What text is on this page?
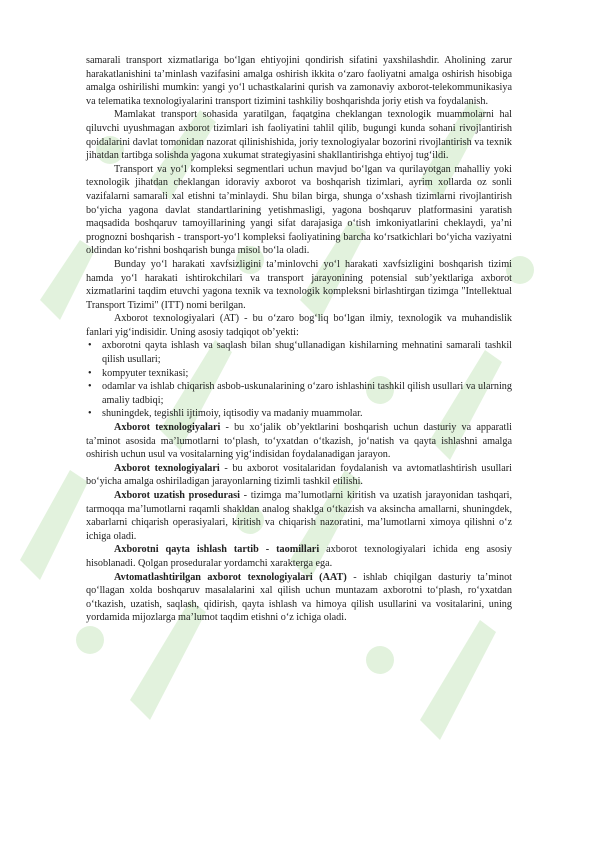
samarali transport xizmatlariga bo‘lgan ehtiyojini qondirish sifatini yaxshilashdir. Aholining zarur harakatlanishini ta’minlash vazifasini amalga oshirish ikkita o‘zaro faoliyatni amalga oshirish hisobiga amalga oshirilishi mumkin: yangi yo‘l uchastkalarini qurish va zamonaviy axborot-telekommunikasiya va telematika texnologiyalarini transport tizimini tashkiliy boshqarishda joriy etish va foydalanish.

Mamlakat transport sohasida yaratilgan, faqatgina cheklangan texnologik muammolarni hal qiluvchi uyushmagan axborot tizimlari ish faoliyatini tahlil qilib, bugungi kunda sohani rivojlantirish qoidalarini davlat tomonidan nazorat qilinishishida, joriy texnologiyalar bozorini rivojlantirish va texnik jihatdan tartibga solishda yagona xukumat strategiyasini shakllantirishga ehtiyoj tug‘ildi.

Transport va yo‘l kompleksi segmentlari uchun mavjud bo‘lgan va qurilayotgan mahalliy yoki texnologik jihatdan cheklangan idoraviy axborot va boshqarish tizimlari, ayrim xollarda oz sonli vazifalarni samarali xal etishni ta’minlaydi. Shu bilan birga, shunga o‘xshash tizimlarni rivojlantirish bo‘yicha yagona davlat standartlarining yetishmasligi, yagona boshqaruv platformasini yaratish maqsadida boshqaruv tamoyillarining yangi sifat darajasiga o‘tish imkoniyatlarini cheklaydi, ya’ni prognozni boshqarish - transport-yo‘l kompleksi faoliyatining barcha ko‘rsatkichlari bo‘yicha vaziyatni oldindan ko‘rishni boshqarish bunga misol bo‘la oladi.

Bunday yo‘l harakati xavfsizligini ta’minlovchi yo‘l harakati xavfsizligini boshqarish tizimi hamda yo‘l harakati ishtirokchilari va transport jarayonining potensial sub’yektlariga axborot xizmatlarini taqdim etuvchi yagona texnik va texnologik kompleksni birlashtirgan tizimga "Intellektual Transport Tizimi" (ITT) nomi berilgan.

Axborot texnologiyalari (AT) - bu o‘zaro bog‘liq bo‘lgan ilmiy, texnologik va muhandislik fanlari yig‘indisidir. Uning asosiy tadqiqot ob’yekti:

• axborotni qayta ishlash va saqlash bilan shug‘ullanadigan kishilarning mehnatini samarali tashkil qilish usullari;
• kompyuter texnikasi;
• odamlar va ishlab chiqarish asbob-uskunalarining o‘zaro ishlashini tashkil qilish usullari va ularning amaliy tadbiqi;
• shuningdek, tegishli ijtimoiy, iqtisodiy va madaniy muammolar.

Axborot texnologiyalari - bu xo‘jalik ob’yektlarini boshqarish uchun dasturiy va apparatli ta’minot asosida ma’lumotlarni to‘plash, to‘yxatdan o‘tkazish, jo‘natish va qayta ishlashni amalga oshirish uchun usul va vositalarning yig‘indisidan foydalanadigan jarayon.

Axborot texnologiyalari - bu axborot vositalaridan foydalanish va avtomatlashtirish usullari bo‘yicha amalga oshiriladigan jarayonlarning tizimli tashkil etilishi.

Axborot uzatish prosedurasi - tizimga ma’lumotlarni kiritish va uzatish jarayonidan tashqari, tarmoqqa ma’lumotlarni raqamli shakldan analog shaklga o‘tkazish va aksincha amallarni, shuningdek, xabarlarni chiqarish operasiyalari, kiritish va chiqarish nazoratini, ma’lumotlarni ximoya qilishni o‘z ichiga oladi.

Axborotni qayta ishlash tartib - taomillari axborot texnologiyalari ichida eng asosiy hisoblanadi. Qolgan proseduralar yordamchi xarakterga ega.

Avtomatlashtirilgan axborot texnologiyalari (AAT) - ishlab chiqilgan dasturiy ta’minot qo‘llagan xolda boshqaruv masalalarini xal qilish uchun muntazam axborotni to‘plash, ro‘yxatdan o‘tkazish, uzatish, saqlash, qidirish, qayta ishlash va himoya qilish usullarini va vositalarini, uning yordamida mijozlarga ma’lumot taqdim etishni o‘z ichiga oladi.
